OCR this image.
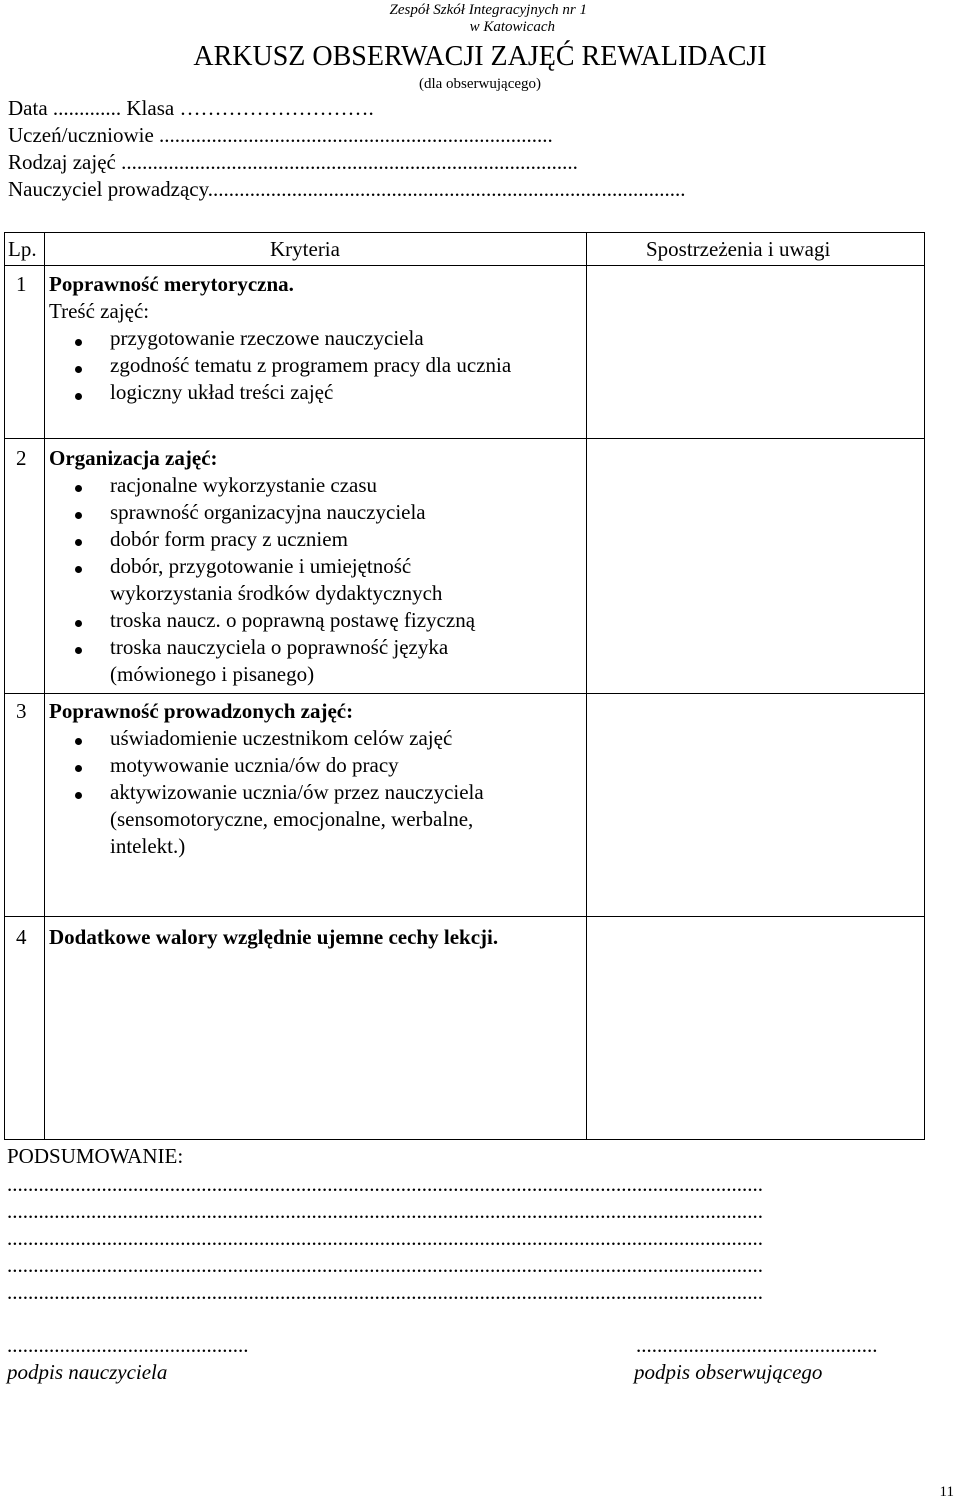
Zespół Szkół Integracyjnych nr 1
w Katowicach
ARKUSZ OBSERWACJI ZAJĘĆ REWALIDACJI
(dla obserwującego)
Data ............. Klasa ……………………….
Uczeń/uczniowie ...........................................................................
Rodzaj zajęć .......................................................................................
Nauczyciel prowadzący...........................................................................................
Lp.	Kryteria	Spostrzeżenia i uwagi
1 Poprawność merytoryczna.
Treść zajęć:
przygotowanie rzeczowe nauczyciela
zgodność tematu z programem pracy dla ucznia
logiczny układ treści zajęć
2 Organizacja zajęć:
racjonalne wykorzystanie czasu
sprawność organizacyjna nauczyciela
dobór form pracy z uczniem
dobór, przygotowanie i umiejętność
wykorzystania środków dydaktycznych
troska naucz. o poprawną postawę fizyczną
troska nauczyciela o poprawność języka
(mówionego i pisanego)
3 Poprawność prowadzonych zajęć:
uświadomienie uczestnikom celów zajęć
motywowanie ucznia/ów do pracy
aktywizowanie ucznia/ów przez nauczyciela
(sensomotoryczne, emocjonalne, werbalne,
intelekt.)
4 Dodatkowe walory względnie ujemne cechy lekcji.
PODSUMOWANIE:
................................................................................................................................................
................................................................................................................................................
................................................................................................................................................
................................................................................................................................................
................................................................................................................................................
..............................................
podpis nauczyciela
..............................................
podpis obserwującego
11
